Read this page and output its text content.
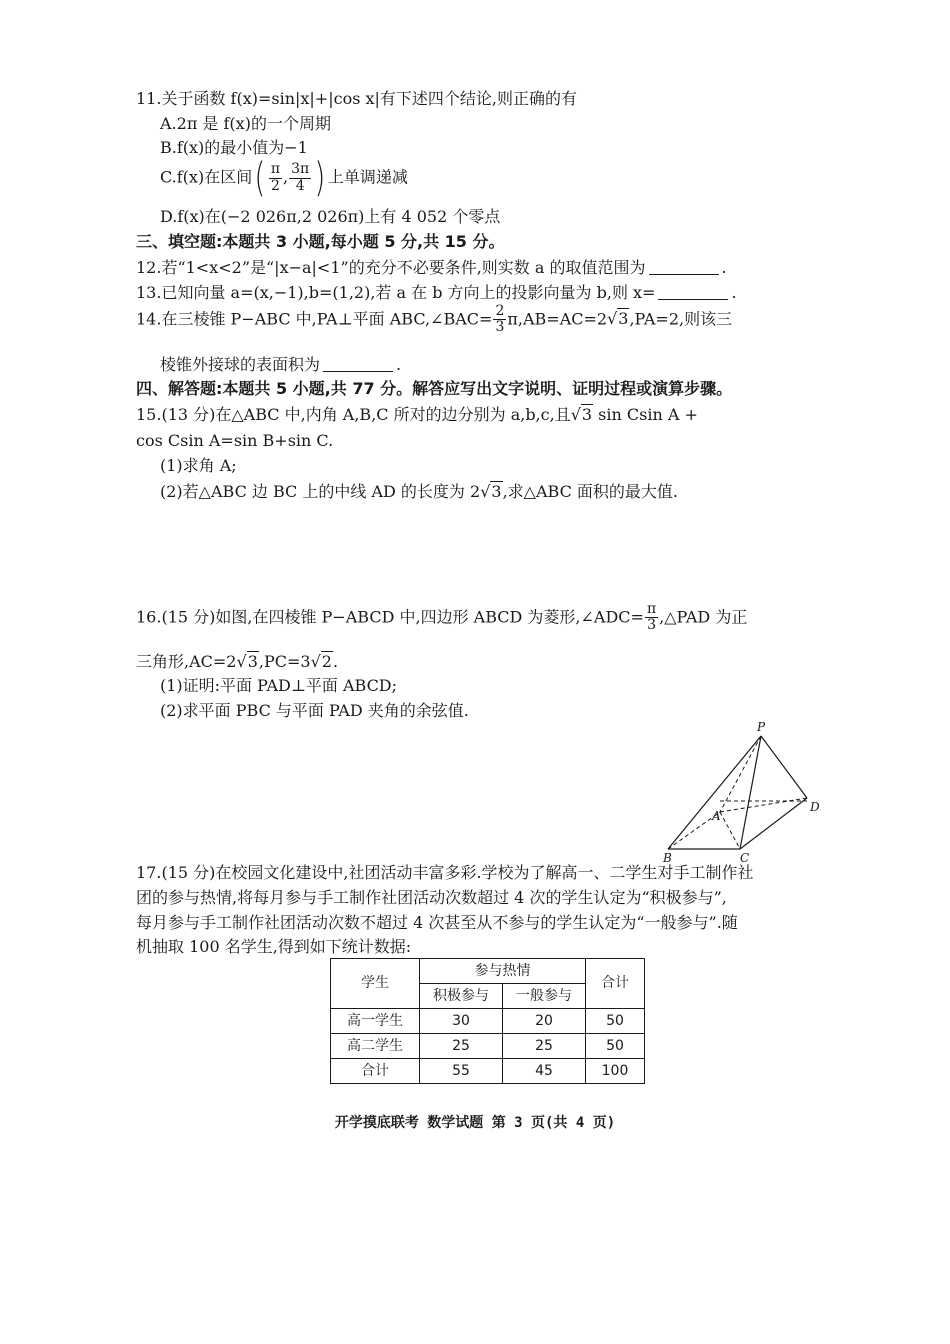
11.关于函数 f(x)=sin|x|+|cos x|有下述四个结论,则正确的有
A.2π 是 f(x)的一个周期
B.f(x)的最小值为−1
C.f(x)在区间( $\frac{\pi}{2}$ , $\frac{3\pi}{4}$ ) 上单调递减
D.f(x)在(−2 026π,2 026π)上有 4 052 个零点
三、填空题:本题共 3 小题,每小题 5 分,共 15 分。
12.若“1<x<2”是“|x−a|<1”的充分不必要条件,则实数 a 的取值范围为	.
13.已知向量 a=(x,−1),b=(1,2),若 a 在 b 方向上的投影向量为 b,则 x=	.
14.在三棱锥 P−ABC 中,PA⊥平面 ABC,∠BAC= $\frac{2}{3} \pi,AB=AC=2√3,PA=2$,则该三
棱锥外接球的表面积为	.
四、解答题:本题共 5 小题,共 77 分。解答应写出文字说明、证明过程或演算步骤。
15.(13 分)在△ABC 中,内角 A,B,C 所对的边分别为 a,b,c,且√3 sin Csin A +
cos Csin A=sin B+sin C.
(1)求角 A;
(2)若△ABC 边 BC 上的中线 AD 的长度为 2√3,求△ABC 面积的最大值.
16.(15 分)如图,在四棱锥 P−ABCD 中,四边形 ABCD 为菱形,∠ADC= $\frac{\pi}{3}$ ,△PAD 为正
三角形,AC=2√3,PC=3√2.
(1)证明:平面 PAD⊥平面 ABCD;
(2)求平面 PBC 与平面 PAD 夹角的余弦值.
P
A
B	C
D
17.(15 分)在校园文化建设中,社团活动丰富多彩.学校为了解高一、二学生对手工制作社
团的参与热情,将每月参与手工制作社团活动次数超过 4 次的学生认定为“积极参与”,
每月参与手工制作社团活动次数不超过 4 次甚至从不参与的学生认定为“一般参与”.随
机抽取 100 名学生,得到如下统计数据:
学生	参与热情		合计
	积极参与	一般参与	
高一学生	30	20	50
高二学生	25	25	50
合计	55	45	100
开学摸底联考 数学试题 第 3 页(共 4 页)
